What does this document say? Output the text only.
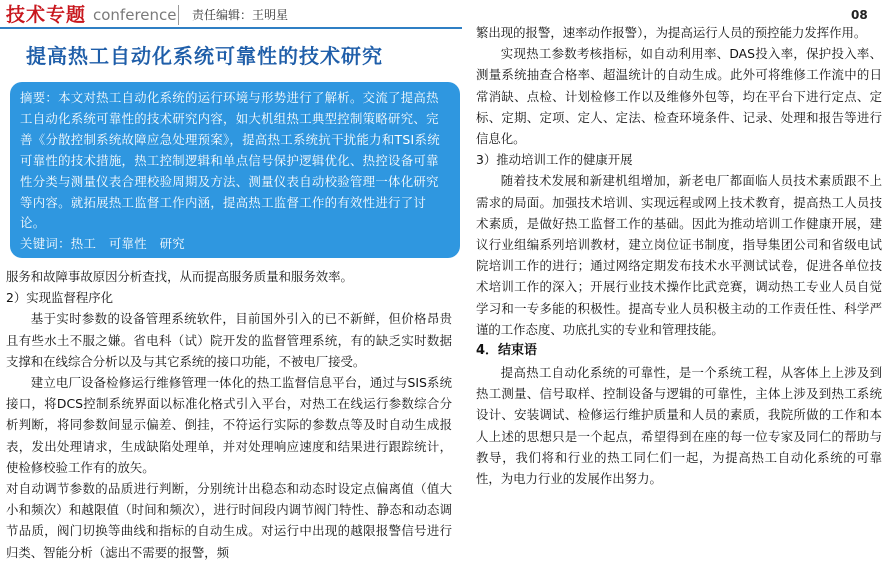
技术专题 conference 责任编辑：王明星	08
提高热工自动化系统可靠性的技术研究

摘要：本文对热工自动化系统的运行环境与形势进行了解析。交流了提高热工自动化系统可靠性的技术研究内容，如大机组热工典型控制策略研究、完善《分散控制系统故障应急处理预案》，提高热工系统抗干扰能力和TSI系统可靠性的技术措施，热工控制逻辑和单点信号保护逻辑优化、热控设备可靠性分类与测量仪表合理校验周期及方法、测量仪表自动校验管理一体化研究等内容。就拓展热工监督工作内涵，提高热工监督工作的有效性进行了讨论。

关键词：热工　可靠性　研究

服务和故障事故原因分析查找，从而提高服务质量和服务效率。

2）实现监督程序化

基于实时参数的设备管理系统软件，目前国外引入的已不新鲜，但价格昂贵且有些水土不服之嫌。省电科（试）院开发的监督管理系统，有的缺乏实时数据支撑和在线综合分析以及与其它系统的接口功能，不被电厂接受。

建立电厂设备检修运行维修管理一体化的热工监督信息平台，通过与SIS系统接口，将DCS控制系统界面以标准化格式引入平台，对热工在线运行参数综合分析判断，将同参数间显示偏差、倒挂，不符运行实际的参数点等及时自动生成报表，发出处理请求，生成缺陷处理单，并对处理响应速度和结果进行跟踪统计，使检修校验工作有的放矢。

对自动调节参数的品质进行判断，分别统计出稳态和动态时设定点偏离值（值大小和频次）和越限值（时间和频次），进行时间段内调节阀门特性、静态和动态调节品质，阀门切换等曲线和指标的自动生成。对运行中出现的越限报警信号进行归类、智能分析（滤出不需要的报警，频

繁出现的报警，速率动作报警），为提高运行人员的预控能力发挥作用。

实现热工参数考核指标，如自动利用率、DAS投入率，保护投入率、测量系统抽查合格率、超温统计的自动生成。此外可将维修工作流中的日常消缺、点检、计划检修工作以及维修外包等，均在平台下进行定点、定标、定期、定项、定人、定法、检查环境条件、记录、处理和报告等进行信息化。

3）推动培训工作的健康开展

随着技术发展和新建机组增加，新老电厂都面临人员技术素质跟不上需求的局面。加强技术培训、实现远程或网上技术教育，提高热工人员技术素质，是做好热工监督工作的基础。因此为推动培训工作健康开展，建议行业组编系列培训教材，建立岗位证书制度，指导集团公司和省级电试院培训工作的进行；通过网络定期发布技术水平测试试卷，促进各单位技术培训工作的深入；开展行业技术操作比武竞赛，调动热工专业人员自觉学习和一专多能的积极性。提高专业人员积极主动的工作责任性、科学严谨的工作态度、功底扎实的专业和管理技能。

4．结束语

提高热工自动化系统的可靠性，是一个系统工程，从客体上上涉及到热工测量、信号取样、控制设备与逻辑的可靠性，主体上涉及到热工系统设计、安装调试、检修运行维护质量和人员的素质，我院所做的工作和本人上述的思想只是一个起点，希望得到在座的每一位专家及同仁的帮助与教导，我们将和行业的热工同仁们一起，为提高热工自动化系统的可靠性，为电力行业的发展作出努力。
